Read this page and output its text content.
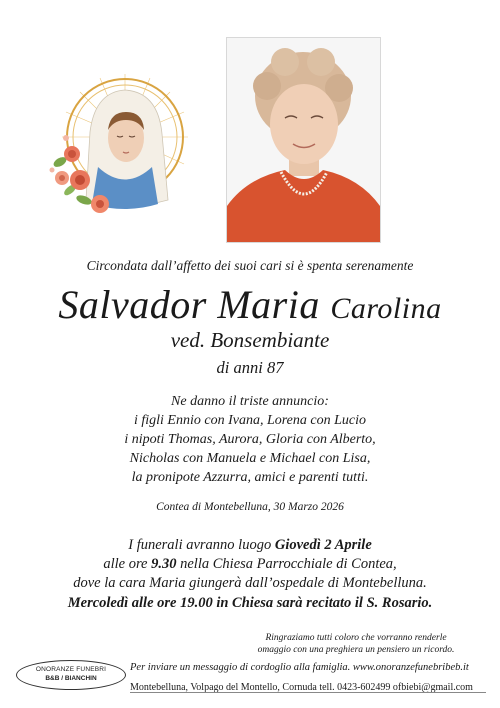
Circondata dall’affetto dei suoi cari si è spenta serenamente
Salvador Maria Carolina
ved. Bonsembiante
di anni 87
Ne danno il triste annuncio:
i figli Ennio con Ivana, Lorena con Lucio
i nipoti Thomas, Aurora, Gloria con Alberto,
Nicholas con Manuela e Michael con Lisa,
la pronipote Azzurra, amici e parenti tutti.
Contea di Montebelluna, 30 Marzo 2026
I funerali avranno luogo Giovedì 2 Aprile
alle ore 9.30 nella Chiesa Parrocchiale di Contea,
dove la cara Maria giungerà dall’ospedale di Montebelluna.
Mercoledì alle ore 19.00 in Chiesa sarà recitato il S. Rosario.
Ringraziamo tutti coloro che vorranno renderle
omaggio con una preghiera un pensiero un ricordo.
ONORANZE FUNEBRI
B&B / BIANCHIN
Per inviare un messaggio di cordoglio alla famiglia. www.onoranzefunebribeb.it
Montebelluna, Volpago del Montello, Cornuda tell. 0423-602499 ofbiebi@gmail.com
